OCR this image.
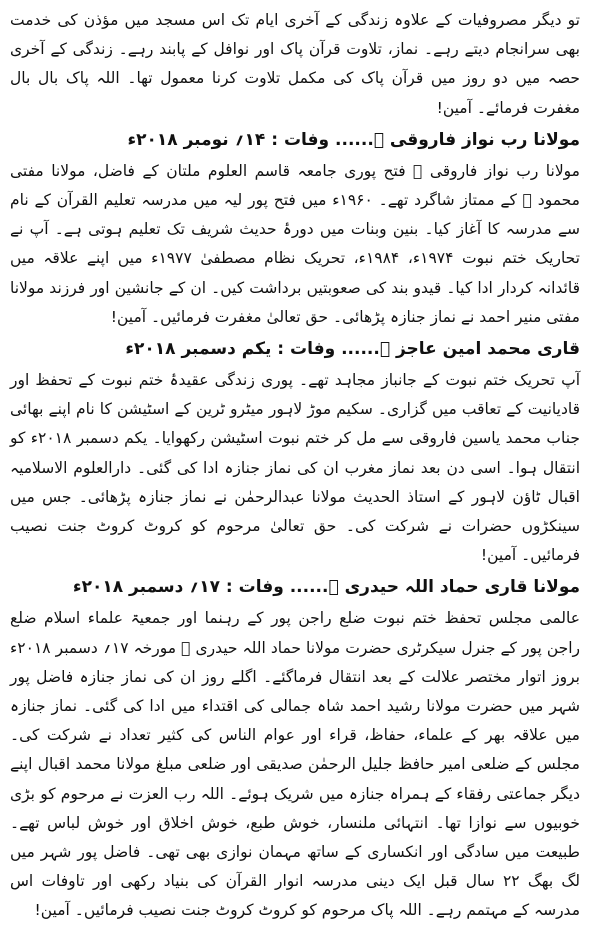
تو دیگر مصروفیات کے علاوہ زندگی کے آخری ایام تک اس مسجد میں مؤذن کی خدمت بھی سرانجام دیتے رہے۔ نماز، تلاوت قرآن پاک اور نوافل کے پابند رہے۔ زندگی کے آخری حصہ میں دو روز میں قرآن پاک کی مکمل تلاوت کرنا معمول تھا۔ اللہ پاک بال بال مغفرت فرمائے۔ آمین!

مولانا رب نواز فاروقی ﷫...... وفات : ۱۴؍ نومبر ۲۰۱۸ء

مولانا رب نواز فاروقی ﷫ فتح پوری جامعہ قاسم العلوم ملتان کے فاضل، مولانا مفتی محمود ﷫ کے ممتاز شاگرد تھے۔ ۱۹۶۰ء میں فتح پور لیہ میں مدرسہ تعلیم القرآن کے نام سے مدرسہ کا آغاز کیا۔ بنین وبنات میں دورۂ حدیث شریف تک تعلیم ہوتی ہے۔ آپ نے تحاریک ختم نبوت ۱۹۷۴ء، ۱۹۸۴ء، تحریک نظام مصطفیٰ ۱۹۷۷ء میں اپنے علاقہ میں قائدانہ کردار ادا کیا۔ قیدو بند کی صعوبتیں برداشت کیں۔ ان کے جانشین اور فرزند مولانا مفتی منیر احمد نے نماز جنازہ پڑھائی۔ حق تعالیٰ مغفرت فرمائیں۔ آمین!

قاری محمد امین عاجز ﷫...... وفات : یکم دسمبر ۲۰۱۸ء

آپ تحریک ختم نبوت کے جانباز مجاہد تھے۔ پوری زندگی عقیدۂ ختم نبوت کے تحفظ اور قادیانیت کے تعاقب میں گزاری۔ سکیم موڑ لاہور میٹرو ٹرین کے اسٹیشن کا نام اپنے بھائی جناب محمد یاسین فاروقی سے مل کر ختم نبوت اسٹیشن رکھوایا۔ یکم دسمبر ۲۰۱۸ء کو انتقال ہوا۔ اسی دن بعد نماز مغرب ان کی نماز جنازہ ادا کی گئی۔ دارالعلوم الاسلامیہ اقبال ٹاؤن لاہور کے استاذ الحدیث مولانا عبدالرحمٰن نے نماز جنازہ پڑھائی۔ جس میں سینکڑوں حضرات نے شرکت کی۔ حق تعالیٰ مرحوم کو کروٹ کروٹ جنت نصیب فرمائیں۔ آمین!

مولانا قاری حماد اللہ حیدری ﷫...... وفات : ۱۷؍ دسمبر ۲۰۱۸ء

عالمی مجلس تحفظ ختم نبوت ضلع راجن پور کے رہنما اور جمعیۃ علماء اسلام ضلع راجن پور کے جنرل سیکرٹری حضرت مولانا حماد اللہ حیدری ﷫ مورخہ ۱۷؍ دسمبر ۲۰۱۸ء بروز اتوار مختصر علالت کے بعد انتقال فرماگئے۔ اگلے روز ان کی نماز جنازہ فاضل پور شہر میں حضرت مولانا رشید احمد شاہ جمالی کی اقتداء میں ادا کی گئی۔ نماز جنازہ میں علاقہ بھر کے علماء، حفاظ، قراء اور عوام الناس کی کثیر تعداد نے شرکت کی۔ مجلس کے ضلعی امیر حافظ جلیل الرحمٰن صدیقی اور ضلعی مبلغ مولانا محمد اقبال اپنے دیگر جماعتی رفقاء کے ہمراہ جنازہ میں شریک ہوئے۔ اللہ رب العزت نے مرحوم کو بڑی خوبیوں سے نوازا تھا۔ انتہائی ملنسار، خوش طبع، خوش اخلاق اور خوش لباس تھے۔ طبیعت میں سادگی اور انکساری کے ساتھ مہمان نوازی بھی تھی۔ فاضل پور شہر میں لگ بھگ ۲۲ سال قبل ایک دینی مدرسہ انوار القرآن کی بنیاد رکھی اور تاوفات اس مدرسہ کے مہتمم رہے۔ اللہ پاک مرحوم کو کروٹ کروٹ جنت نصیب فرمائیں۔ آمین!
